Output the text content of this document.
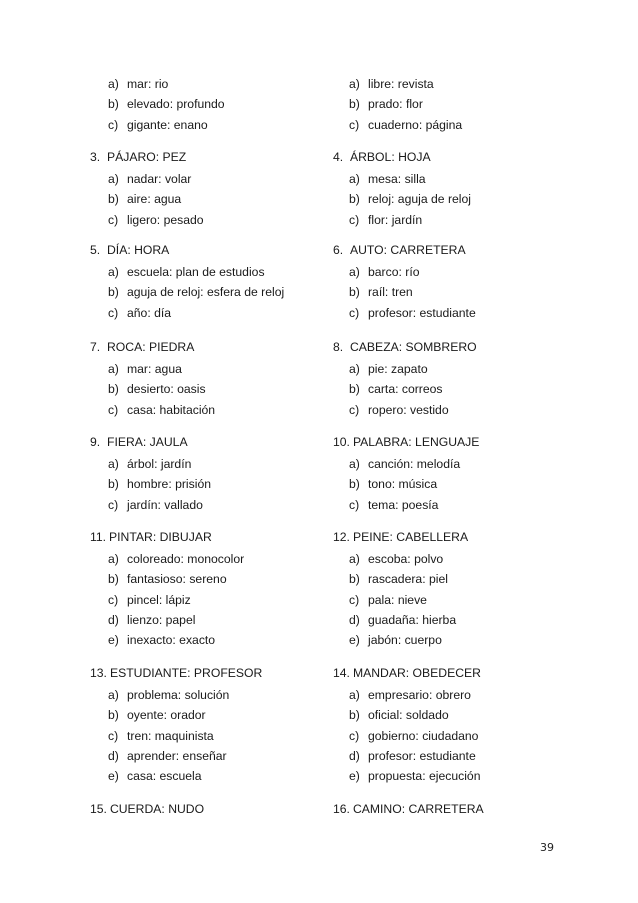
a) mar: rio
b) elevado: profundo
c) gigante: enano
a) libre: revista
b) prado: flor
c) cuaderno: página
3. PÁJARO: PEZ
a) nadar: volar
b) aire: agua
c) ligero: pesado
4. ÁRBOL: HOJA
a) mesa: silla
b) reloj: aguja de reloj
c) flor: jardín
5. DÍA: HORA
a) escuela: plan de estudios
b) aguja de reloj: esfera de reloj
c) año: día
6. AUTO: CARRETERA
a) barco: río
b) raíl: tren
c) profesor: estudiante
7. ROCA: PIEDRA
a) mar: agua
b) desierto: oasis
c) casa: habitación
8. CABEZA: SOMBRERO
a) pie: zapato
b) carta: correos
c) ropero: vestido
9. FIERA: JAULA
a) árbol: jardín
b) hombre: prisión
c) jardín: vallado
10. PALABRA: LENGUAJE
a) canción: melodía
b) tono: música
c) tema: poesía
11. PINTAR: DIBUJAR
a) coloreado: monocolor
b) fantasioso: sereno
c) pincel: lápiz
d) lienzo: papel
e) inexacto: exacto
12. PEINE: CABELLERA
a) escoba: polvo
b) rascadera: piel
c) pala: nieve
d) guadaña: hierba
e) jabón: cuerpo
13. ESTUDIANTE: PROFESOR
a) problema: solución
b) oyente: orador
c) tren: maquinista
d) aprender: enseñar
e) casa: escuela
14. MANDAR: OBEDECER
a) empresario: obrero
b) oficial: soldado
c) gobierno: ciudadano
d) profesor: estudiante
e) propuesta: ejecución
15. CUERDA: NUDO	16. CAMINO: CARRETERA
39
